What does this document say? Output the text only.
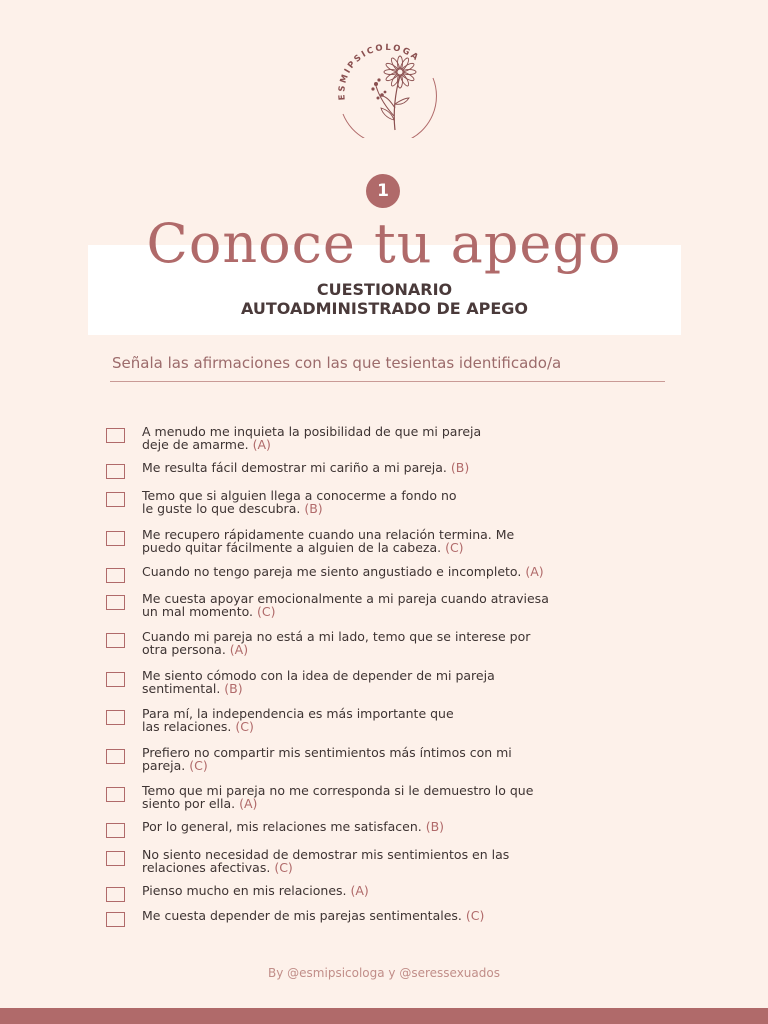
ESMIPSICOLOGA
1
Conoce tu apego
CUESTIONARIO
AUTOADMINISTRADO DE APEGO
Señala las afirmaciones con las que tesientas identificado/a
A menudo me inquieta la posibilidad de que mi pareja
deje de amarme. (A)
Me resulta fácil demostrar mi cariño a mi pareja. (B)
Temo que si alguien llega a conocerme a fondo no
le guste lo que descubra. (B)
Me recupero rápidamente cuando una relación termina. Me
puedo quitar fácilmente a alguien de la cabeza. (C)
Cuando no tengo pareja me siento angustiado e incompleto. (A)
Me cuesta apoyar emocionalmente a mi pareja cuando atraviesa
un mal momento. (C)
Cuando mi pareja no está a mi lado, temo que se interese por
otra persona. (A)
Me siento cómodo con la idea de depender de mi pareja
sentimental. (B)
Para mí, la independencia es más importante que
las relaciones. (C)
Prefiero no compartir mis sentimientos más íntimos con mi
pareja. (C)
Temo que mi pareja no me corresponda si le demuestro lo que
siento por ella. (A)
Por lo general, mis relaciones me satisfacen. (B)
No siento necesidad de demostrar mis sentimientos en las
relaciones afectivas. (C)
Pienso mucho en mis relaciones. (A)
Me cuesta depender de mis parejas sentimentales. (C)
By @esmipsicologa y @seressexuados
